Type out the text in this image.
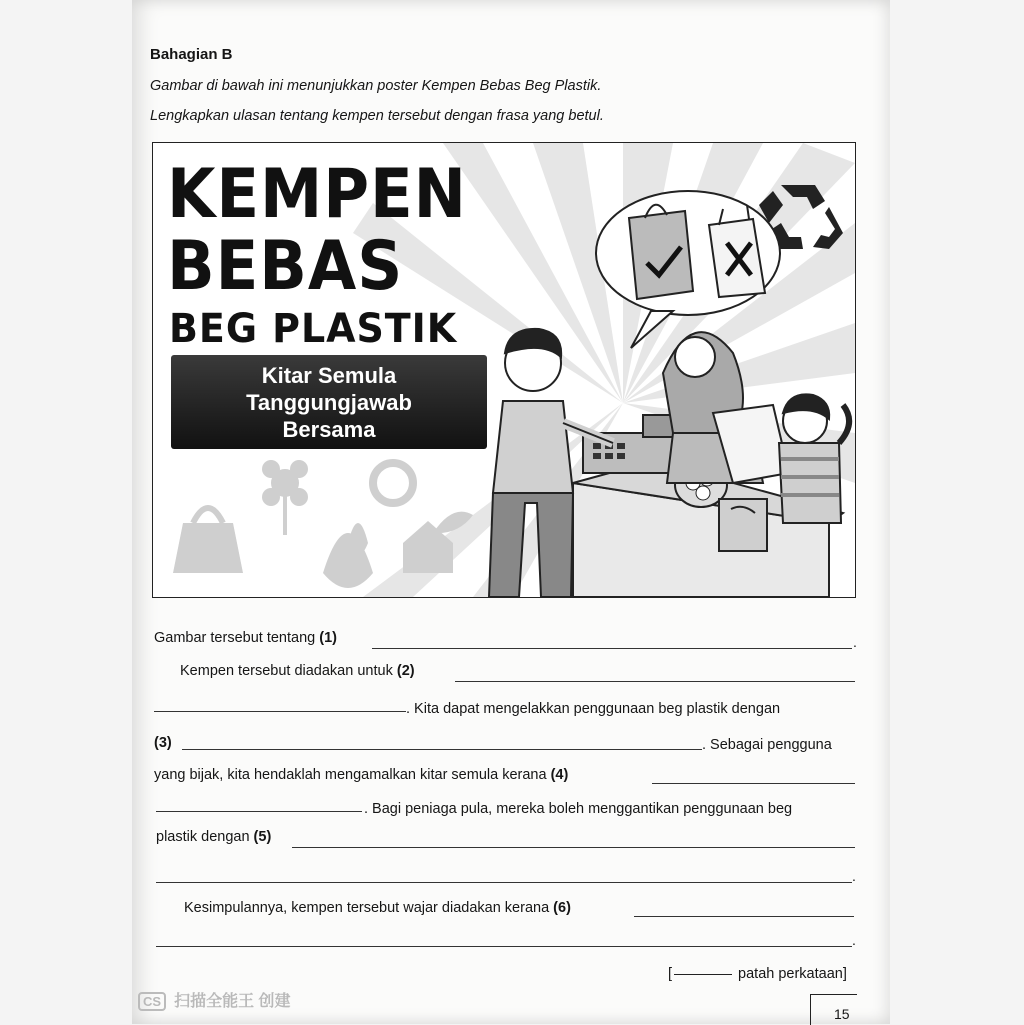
Bahagian B
Gambar di bawah ini menunjukkan poster Kempen Bebas Beg Plastik.
Lengkapkan ulasan tentang kempen tersebut dengan frasa yang betul.
KEMPEN
BEBAS
BEG PLASTIK
Kitar Semula
Tanggungjawab
Bersama
Gambar tersebut tentang (1)	.
Kempen tersebut diadakan untuk (2)
. Kita dapat mengelakkan penggunaan beg plastik dengan
(3)	. Sebagai pengguna
yang bijak, kita hendaklah mengamalkan kitar semula kerana (4)
. Bagi peniaga pula, mereka boleh menggantikan penggunaan beg
plastik dengan (5)
.
Kesimpulannya, kempen tersebut wajar diadakan kerana (6)
.
[	patah perkataan]
CS 扫描全能王 创建
15
